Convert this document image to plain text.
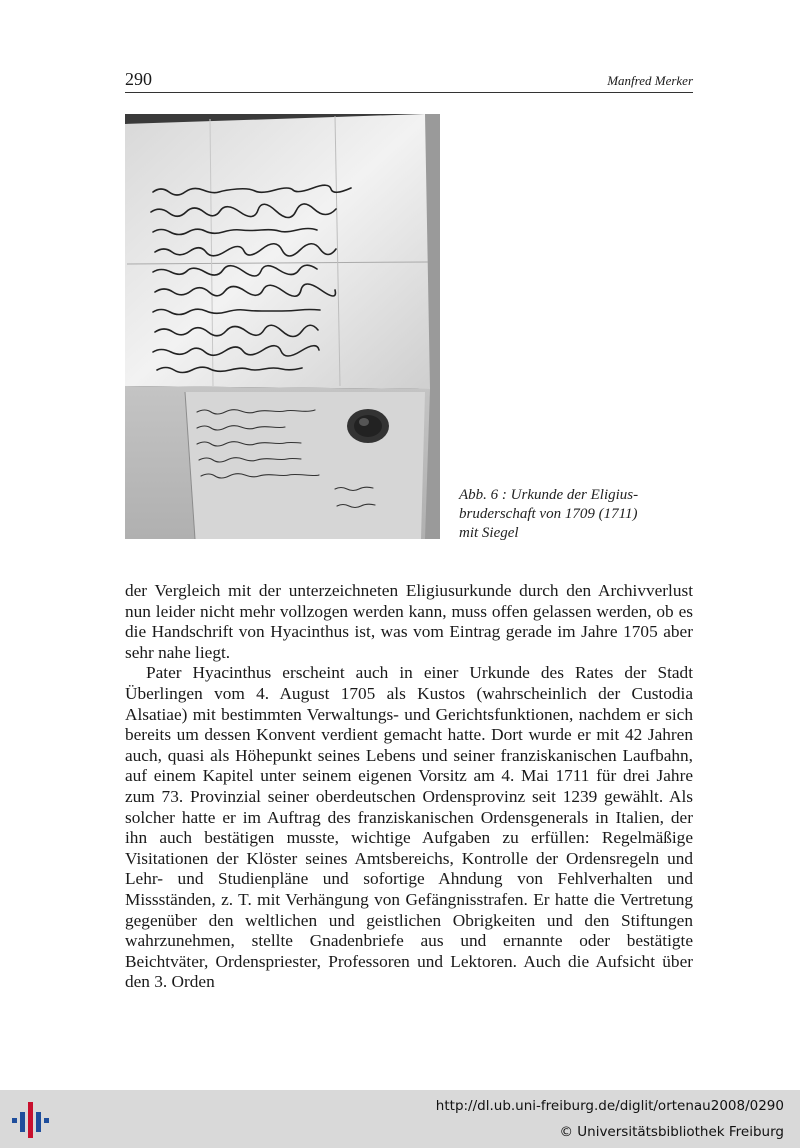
290	Manfred Merker
Abb. 6 : Urkunde der Eligius-
bruderschaft von 1709 (1711)
mit Siegel

der Vergleich mit der unterzeichneten Eligiusurkunde durch den Archivverlust nun leider nicht mehr vollzogen werden kann, muss offen gelassen werden, ob es die Handschrift von Hyacinthus ist, was vom Eintrag gerade im Jahre 1705 aber sehr nahe liegt.

Pater Hyacinthus erscheint auch in einer Urkunde des Rates der Stadt Überlingen vom 4. August 1705 als Kustos (wahrscheinlich der Custodia Alsatiae) mit bestimmten Verwaltungs- und Gerichtsfunktionen, nachdem er sich bereits um dessen Konvent verdient gemacht hatte. Dort wurde er mit 42 Jahren auch, quasi als Höhepunkt seines Lebens und seiner franziskanischen Laufbahn, auf einem Kapitel unter seinem eigenen Vorsitz am 4. Mai 1711 für drei Jahre zum 73. Provinzial seiner oberdeutschen Ordensprovinz seit 1239 gewählt. Als solcher hatte er im Auftrag des franziskanischen Ordensgenerals in Italien, der ihn auch bestätigen musste, wichtige Aufgaben zu erfüllen: Regelmäßige Visitationen der Klöster seines Amtsbereichs, Kontrolle der Ordensregeln und Lehr- und Studienpläne und sofortige Ahndung von Fehlverhalten und Missständen, z. T. mit Verhängung von Gefängnisstrafen. Er hatte die Vertretung gegenüber den weltlichen und geistlichen Obrigkeiten und den Stiftungen wahrzunehmen, stellte Gnadenbriefe aus und ernannte oder bestätigte Beichtväter, Ordenspriester, Professoren und Lektoren. Auch die Aufsicht über den 3. Orden

http://dl.ub.uni-freiburg.de/diglit/ortenau2008/0290
© Universitätsbibliothek Freiburg
